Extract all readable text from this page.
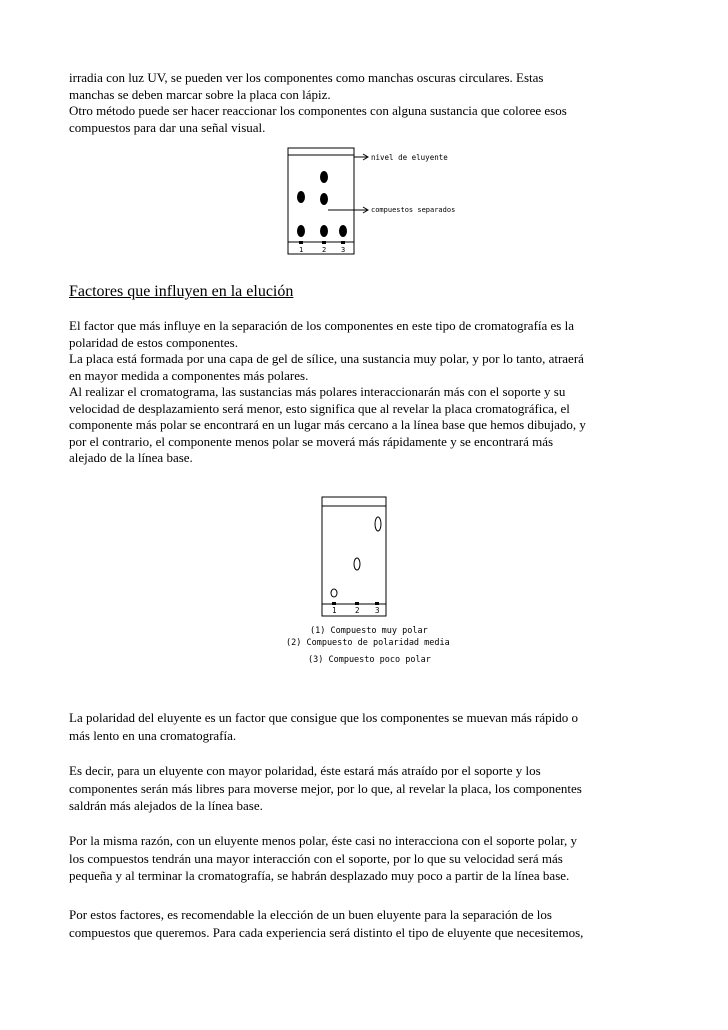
irradia con luz UV, se pueden ver los componentes como manchas oscuras circulares. Estas
manchas se deben marcar sobre la placa con lápiz.
Otro método puede ser hacer reaccionar los componentes con alguna sustancia que coloree esos
compuestos para dar una señal visual.
1	2 3
nivel de eluyente
compuestos separados
Factores que influyen en la elución
El factor que más influye en la separación de los componentes en este tipo de cromatografía es la
polaridad de estos componentes.
La placa está formada por una capa de gel de sílice, una sustancia muy polar, y por lo tanto, atraerá
en mayor medida a componentes más polares.
Al realizar el cromatograma, las sustancias más polares interaccionarán más con el soporte y su
velocidad de desplazamiento será menor, esto significa que al revelar la placa cromatográfica, el
componente más polar se encontrará en un lugar más cercano a la línea base que hemos dibujado, y
por el contrario, el componente menos polar se moverá más rápidamente y se encontrará más
alejado de la línea base.
1 2 3
(1) Compuesto muy polar
(2) Compuesto de polaridad media
(3) Compuesto poco polar
La polaridad del eluyente es un factor que consigue que los componentes se muevan más rápido o
más lento en una cromatografía.
Es decir, para un eluyente con mayor polaridad, éste estará más atraído por el soporte y los
componentes serán más libres para moverse mejor, por lo que, al revelar la placa, los componentes
saldrán más alejados de la línea base.
Por la misma razón, con un eluyente menos polar, éste casi no interacciona con el soporte polar, y
los compuestos tendrán una mayor interacción con el soporte, por lo que su velocidad será más
pequeña y al terminar la cromatografía, se habrán desplazado muy poco a partir de la línea base.
Por estos factores, es recomendable la elección de un buen eluyente para la separación de los
compuestos que queremos. Para cada experiencia será distinto el tipo de eluyente que necesitemos,
